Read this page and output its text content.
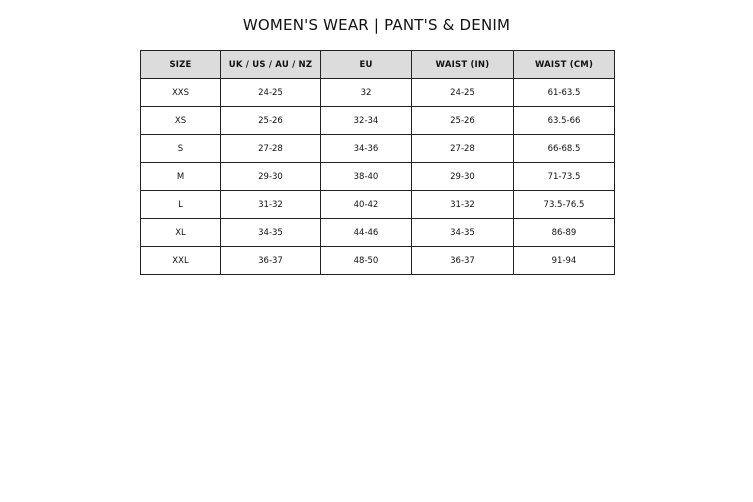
WOMEN'S WEAR | PANT'S & DENIM
SIZE	UK / US / AU / NZ	EU	WAIST (IN)	WAIST (CM)
XXS	24-25	32	24-25	61-63.5
XS	25-26	32-34	25-26	63.5-66
S	27-28	34-36	27-28	66-68.5
M	29-30	38-40	29-30	71-73.5
L	31-32	40-42	31-32	73.5-76.5
XL	34-35	44-46	34-35	86-89
XXL	36-37	48-50	36-37	91-94
